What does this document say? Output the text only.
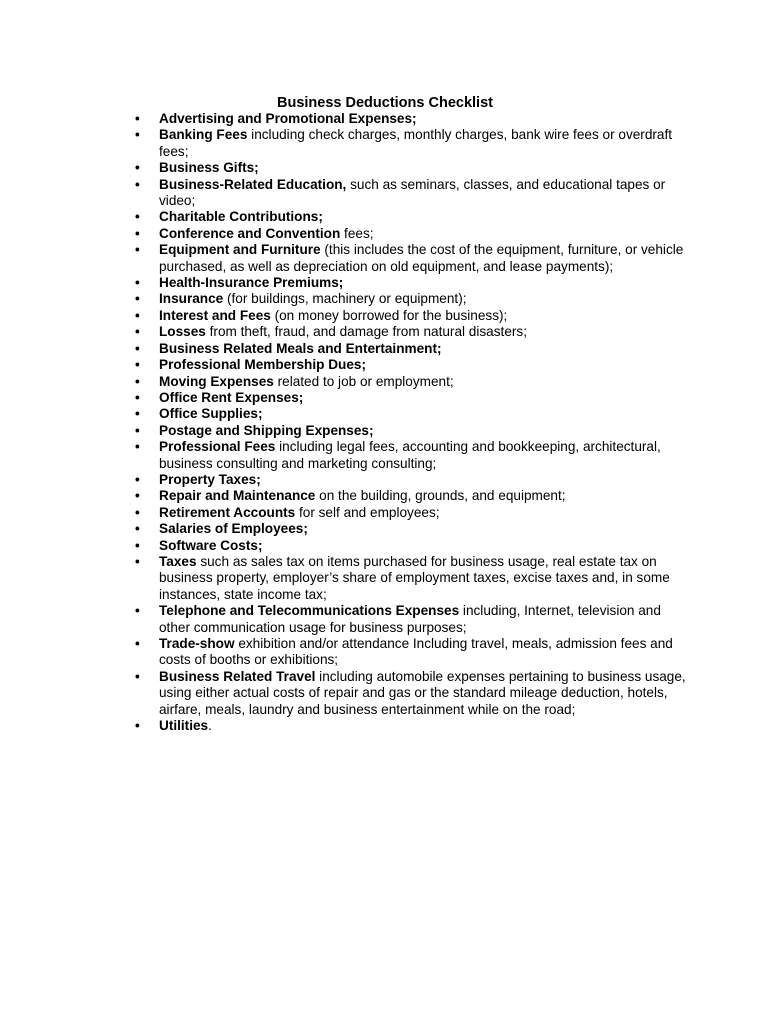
Business Deductions Checklist
•	Advertising and Promotional Expenses;
•	Banking Fees including check charges, monthly charges, bank wire fees or overdraft fees;
•	Business Gifts;
•	Business-Related Education, such as seminars, classes, and educational tapes or video;
•	Charitable Contributions;
•	Conference and Convention fees;
•	Equipment and Furniture (this includes the cost of the equipment, furniture, or vehicle purchased, as well as depreciation on old equipment, and lease payments);
•	Health-Insurance Premiums;
•	Insurance (for buildings, machinery or equipment);
•	Interest and Fees (on money borrowed for the business);
•	Losses from theft, fraud, and damage from natural disasters;
•	Business Related Meals and Entertainment;
•	Professional Membership Dues;
•	Moving Expenses related to job or employment;
•	Office Rent Expenses;
•	Office Supplies;
•	Postage and Shipping Expenses;
•	Professional Fees including legal fees, accounting and bookkeeping, architectural, business consulting and marketing consulting;
•	Property Taxes;
•	Repair and Maintenance on the building, grounds, and equipment;
•	Retirement Accounts for self and employees;
•	Salaries of Employees;
•	Software Costs;
•	Taxes such as sales tax on items purchased for business usage, real estate tax on business property, employer’s share of employment taxes, excise taxes and, in some instances, state income tax;
•	Telephone and Telecommunications Expenses including, Internet, television and other communication usage for business purposes;
•	Trade-show exhibition and/or attendance Including travel, meals, admission fees and costs of booths or exhibitions;
•	Business Related Travel including automobile expenses pertaining to business usage, using either actual costs of repair and gas or the standard mileage deduction, hotels, airfare, meals, laundry and business entertainment while on the road;
•	Utilities.
